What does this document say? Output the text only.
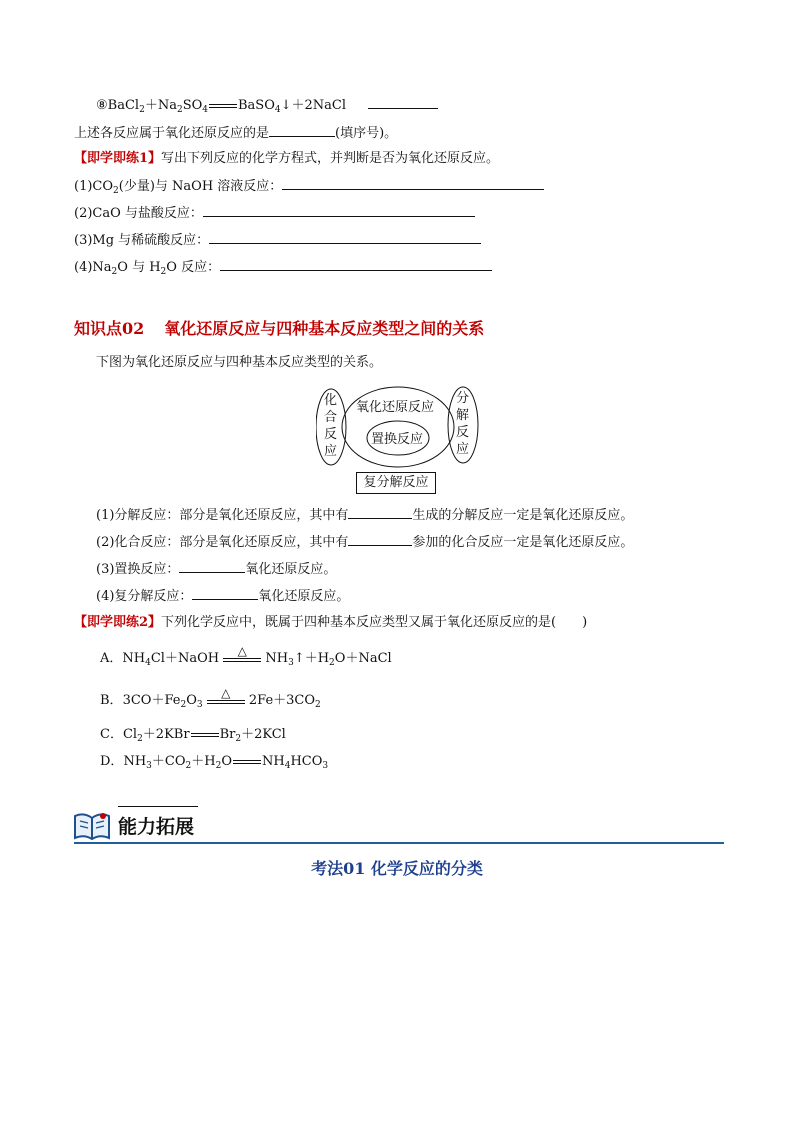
$⑧BaCl_2+Na_2SO_4$ BaSO$_4$↓＋2NaCl
上述各反应属于氧化还原反应的是	(填序号)。
【即学即练1】写出下列反应的化学方程式，并判断是否为氧化还原反应。
$(1)CO_2$(少量)与 NaOH 溶液反应：
(2)CaO 与盐酸反应：
(3)Mg 与稀硫酸反应：
$(4)Na_2O$ 与 $H_2O$ 反应：
知识点02 氧化还原反应与四种基本反应类型之间的关系
下图为氧化还原反应与四种基本反应类型的关系。
化
合
反
应
分
解
反
应
氧化还原反应
置换反应
复分解反应
(1)分解反应：部分是氧化还原反应，其中有	生成的分解反应一定是氧化还原反应。
(2)化合反应：部分是氧化还原反应，其中有	参加的化合反应一定是氧化还原反应。
(3)置换反应：	氧化还原反应。
(4)复分解反应：	氧化还原反应。
【即学即练2】下列化学反应中，既属于四种基本反应类型又属于氧化还原反应的是(　　)
A．$NH_4Cl+NaOH$	△	$NH_3↑+H_2O+NaCl$
B．$3CO+Fe_2O_3$
△	$2Fe+3CO_2$
C．$Cl_2+2KBr$ $Br_2+2KCl$
D．$NH_3+CO_2+H_2O$ $NH_4HCO_3$
能力拓展
考法01 化学反应的分类
